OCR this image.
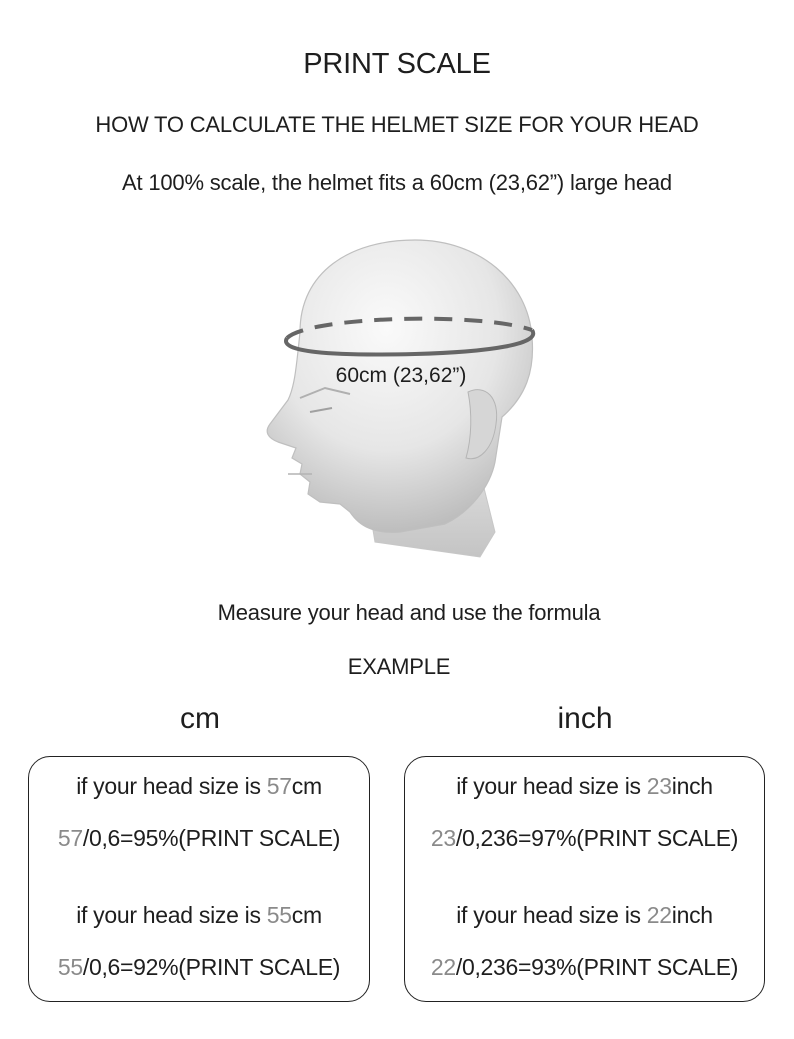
PRINT SCALE
HOW TO CALCULATE THE HELMET SIZE FOR YOUR HEAD
At 100% scale, the helmet fits a 60cm (23,62”) large head
60cm (23,62”)
Measure your head and use the formula
EXAMPLE
cm	inch
if your head size is 57cm
57/0,6=95%(PRINT SCALE)
if your head size is 55cm
55/0,6=92%(PRINT SCALE)
if your head size is 23inch
23/0,236=97%(PRINT SCALE)
if your head size is 22inch
22/0,236=93%(PRINT SCALE)
